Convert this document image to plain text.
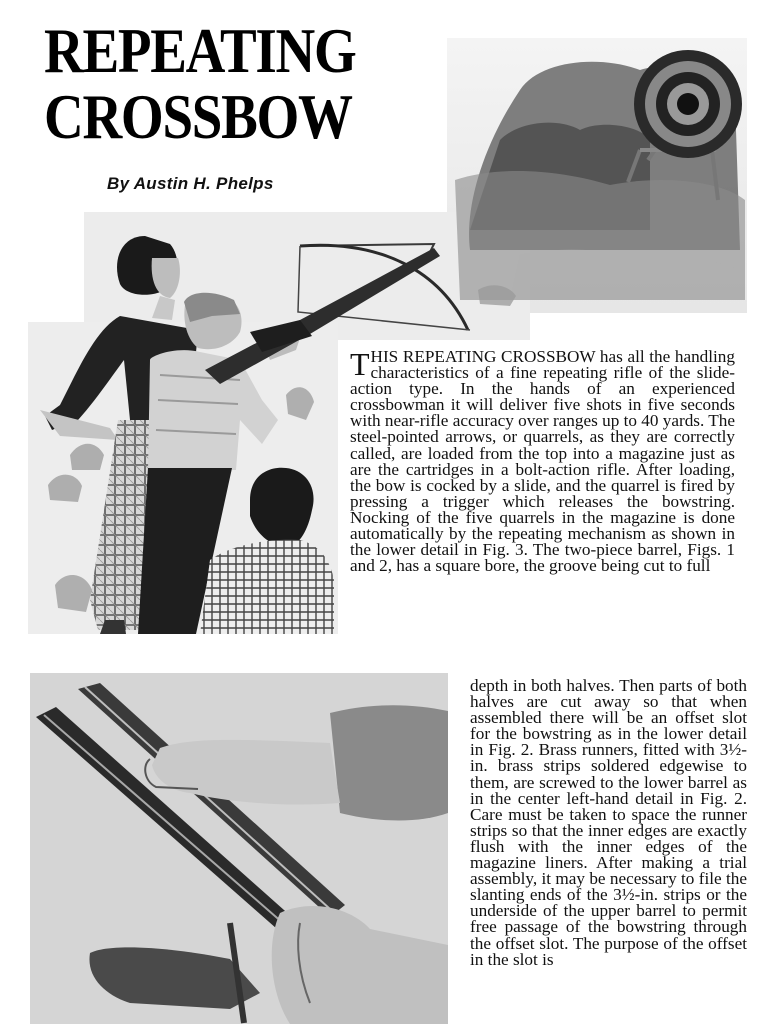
REPEATING
CROSSBOW
By Austin H. Phelps
THIS REPEATING CROSSBOW has all the handling characteristics of a fine repeating rifle of the slide-action type. In the hands of an experienced crossbowman it will deliver five shots in five seconds with near-rifle accuracy over ranges up to 40 yards. The steel-pointed arrows, or quarrels, as they are correctly called, are loaded from the top into a magazine just as are the cartridges in a bolt-action rifle. After loading, the bow is cocked by a slide, and the quarrel is fired by pressing a trigger which releases the bowstring. Nocking of the five quarrels in the magazine is done automatically by the repeating mechanism as shown in the lower detail in Fig. 3. The two-piece barrel, Figs. 1 and 2, has a square bore, the groove being cut to full
depth in both halves. Then parts of both halves are cut away so that when assembled there will be an offset slot for the bowstring as in the lower detail in Fig. 2. Brass runners, fitted with 3½-in. brass strips soldered edgewise to them, are screwed to the lower barrel as in the center left-hand detail in Fig. 2. Care must be taken to space the runner strips so that the inner edges are exactly flush with the inner edges of the magazine liners. After making a trial assembly, it may be necessary to file the slanting ends of the 3½-in. strips or the underside of the upper barrel to permit free passage of the bowstring through the offset slot. The purpose of the offset in the slot is
